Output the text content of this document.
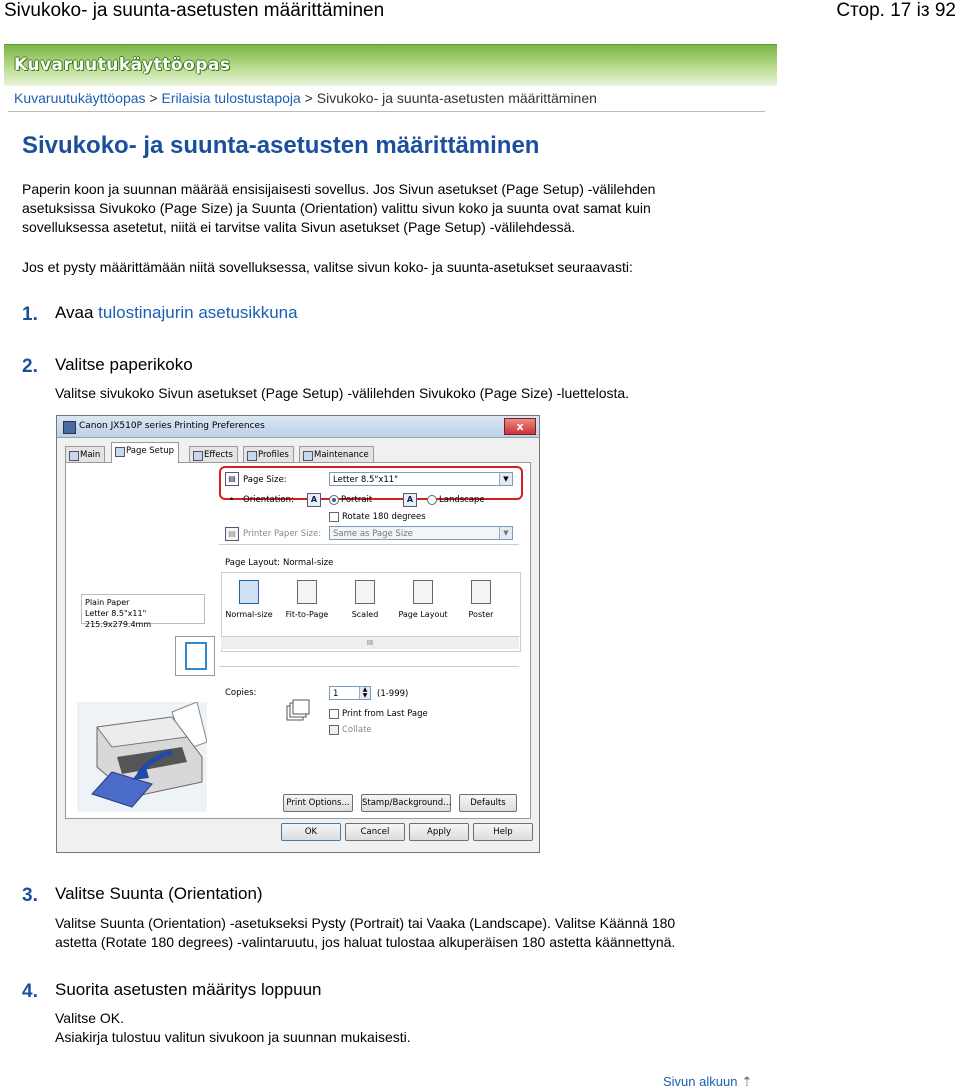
Sivukoko- ja suunta-asetusten määrittäminen	Стор. 17 із 92
Kuvaruutukäyttöopas
Kuvaruutukäyttöopas > Erilaisia tulostustapoja > Sivukoko- ja suunta-asetusten määrittäminen
Sivukoko- ja suunta-asetusten määrittäminen
Paperin koon ja suunnan määrää ensisijaisesti sovellus. Jos Sivun asetukset (Page Setup) -välilehden
asetuksissa Sivukoko (Page Size) ja Suunta (Orientation) valittu sivun koko ja suunta ovat samat kuin
sovelluksessa asetetut, niitä ei tarvitse valita Sivun asetukset (Page Setup) -välilehdessä.
Jos et pysty määrittämään niitä sovelluksessa, valitse sivun koko- ja suunta-asetukset seuraavasti:
1.	Avaa tulostinajurin asetusikkuna
2.	Valitse paperikoko
Valitse sivukoko Sivun asetukset (Page Setup) -välilehden Sivukoko (Page Size) -luettelosta.
Canon JX510P series Printing Preferences	x
Main	Page Setup	Effects	Profiles	Maintenance
Plain Paper
Letter 8.5"x11" 215.9x279.4mm
▤ Page Size:	Letter 8.5"x11"	▼
• Orientation:	A	Portrait	A	Landscape
Rotate 180 degrees
▤ Printer Paper Size:	Same as Page Size	▼
Page Layout: Normal-size
Normal-size	Fit-to-Page	Scaled	Page Layout	Poster
III
Copies:	1	▲
▼	(1-999)
Print from Last Page
Collate
Print Options...	Stamp/Background...	Defaults
OK	Cancel	Apply	Help
3.	Valitse Suunta (Orientation)
Valitse Suunta (Orientation) -asetukseksi Pysty (Portrait) tai Vaaka (Landscape). Valitse Käännä 180
astetta (Rotate 180 degrees) -valintaruutu, jos haluat tulostaa alkuperäisen 180 astetta käännettynä.
4.	Suorita asetusten määritys loppuun
Valitse OK.
Asiakirja tulostuu valitun sivukoon ja suunnan mukaisesti.
Sivun alkuun ⇡
